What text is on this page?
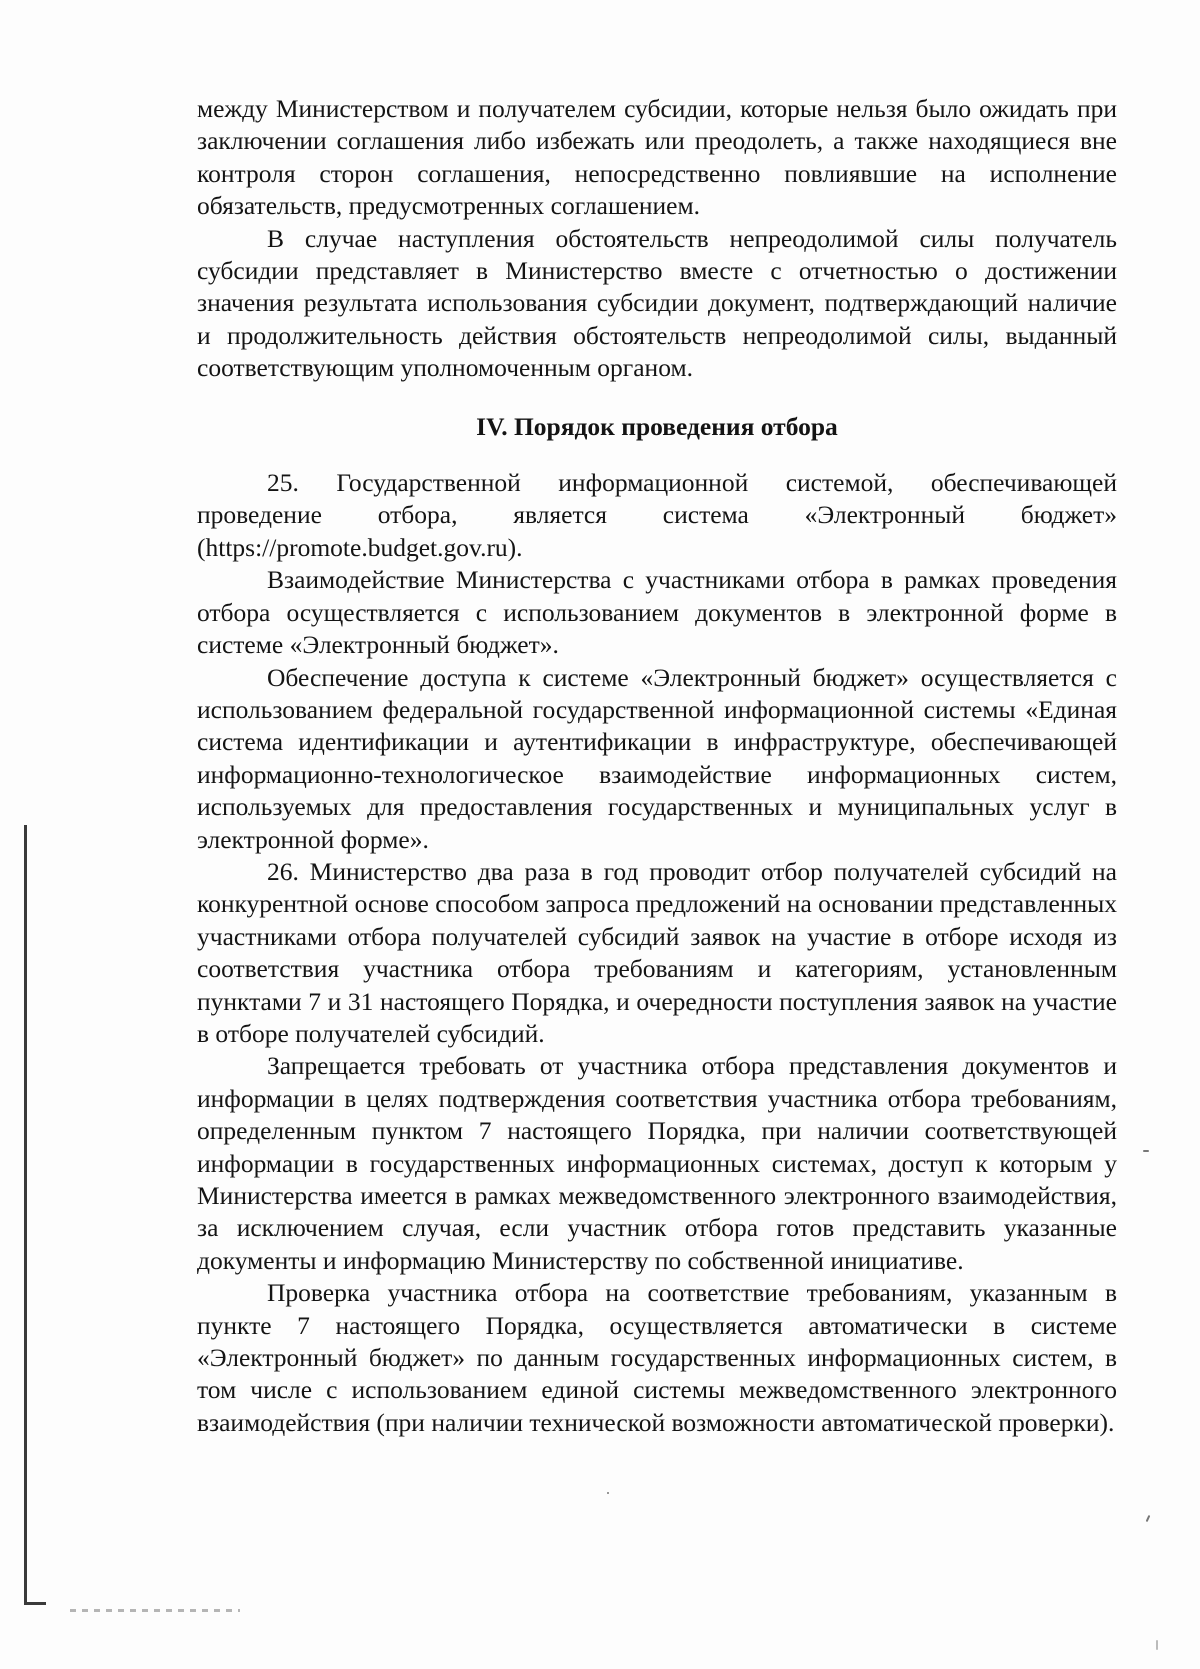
между Министерством и получателем субсидии, которые нельзя было ожидать при заключении соглашения либо избежать или преодолеть, а также находящиеся вне контроля сторон соглашения, непосредственно повлиявшие на исполнение обязательств, предусмотренных соглашением.

В случае наступления обстоятельств непреодолимой силы получатель субсидии представляет в Министерство вместе с отчетностью о достижении значения результата использования субсидии документ, подтверждающий наличие и продолжительность действия обстоятельств непреодолимой силы, выданный соответствующим уполномоченным органом.

IV. Порядок проведения отбора

25. Государственной информационной системой, обеспечивающей проведение отбора, является система «Электронный бюджет» (https://promote.budget.gov.ru).

Взаимодействие Министерства с участниками отбора в рамках проведения отбора осуществляется с использованием документов в электронной форме в системе «Электронный бюджет».

Обеспечение доступа к системе «Электронный бюджет» осуществляется с использованием федеральной государственной информационной системы «Единая система идентификации и аутентификации в инфраструктуре, обеспечивающей информационно-технологическое взаимодействие информационных систем, используемых для предоставления государственных и муниципальных услуг в электронной форме».

26. Министерство два раза в год проводит отбор получателей субсидий на конкурентной основе способом запроса предложений на основании представленных участниками отбора получателей субсидий заявок на участие в отборе исходя из соответствия участника отбора требованиям и категориям, установленным пунктами 7 и 31 настоящего Порядка, и очередности поступления заявок на участие в отборе получателей субсидий.

Запрещается требовать от участника отбора представления документов и информации в целях подтверждения соответствия участника отбора требованиям, определенным пунктом 7 настоящего Порядка, при наличии соответствующей информации в государственных информационных системах, доступ к которым у Министерства имеется в рамках межведомственного электронного взаимодействия, за исключением случая, если участник отбора готов представить указанные документы и информацию Министерству по собственной инициативе.

Проверка участника отбора на соответствие требованиям, указанным в пункте 7 настоящего Порядка, осуществляется автоматически в системе «Электронный бюджет» по данным государственных информационных систем, в том числе с использованием единой системы межведомственного электронного взаимодействия (при наличии технической возможности автоматической проверки).
